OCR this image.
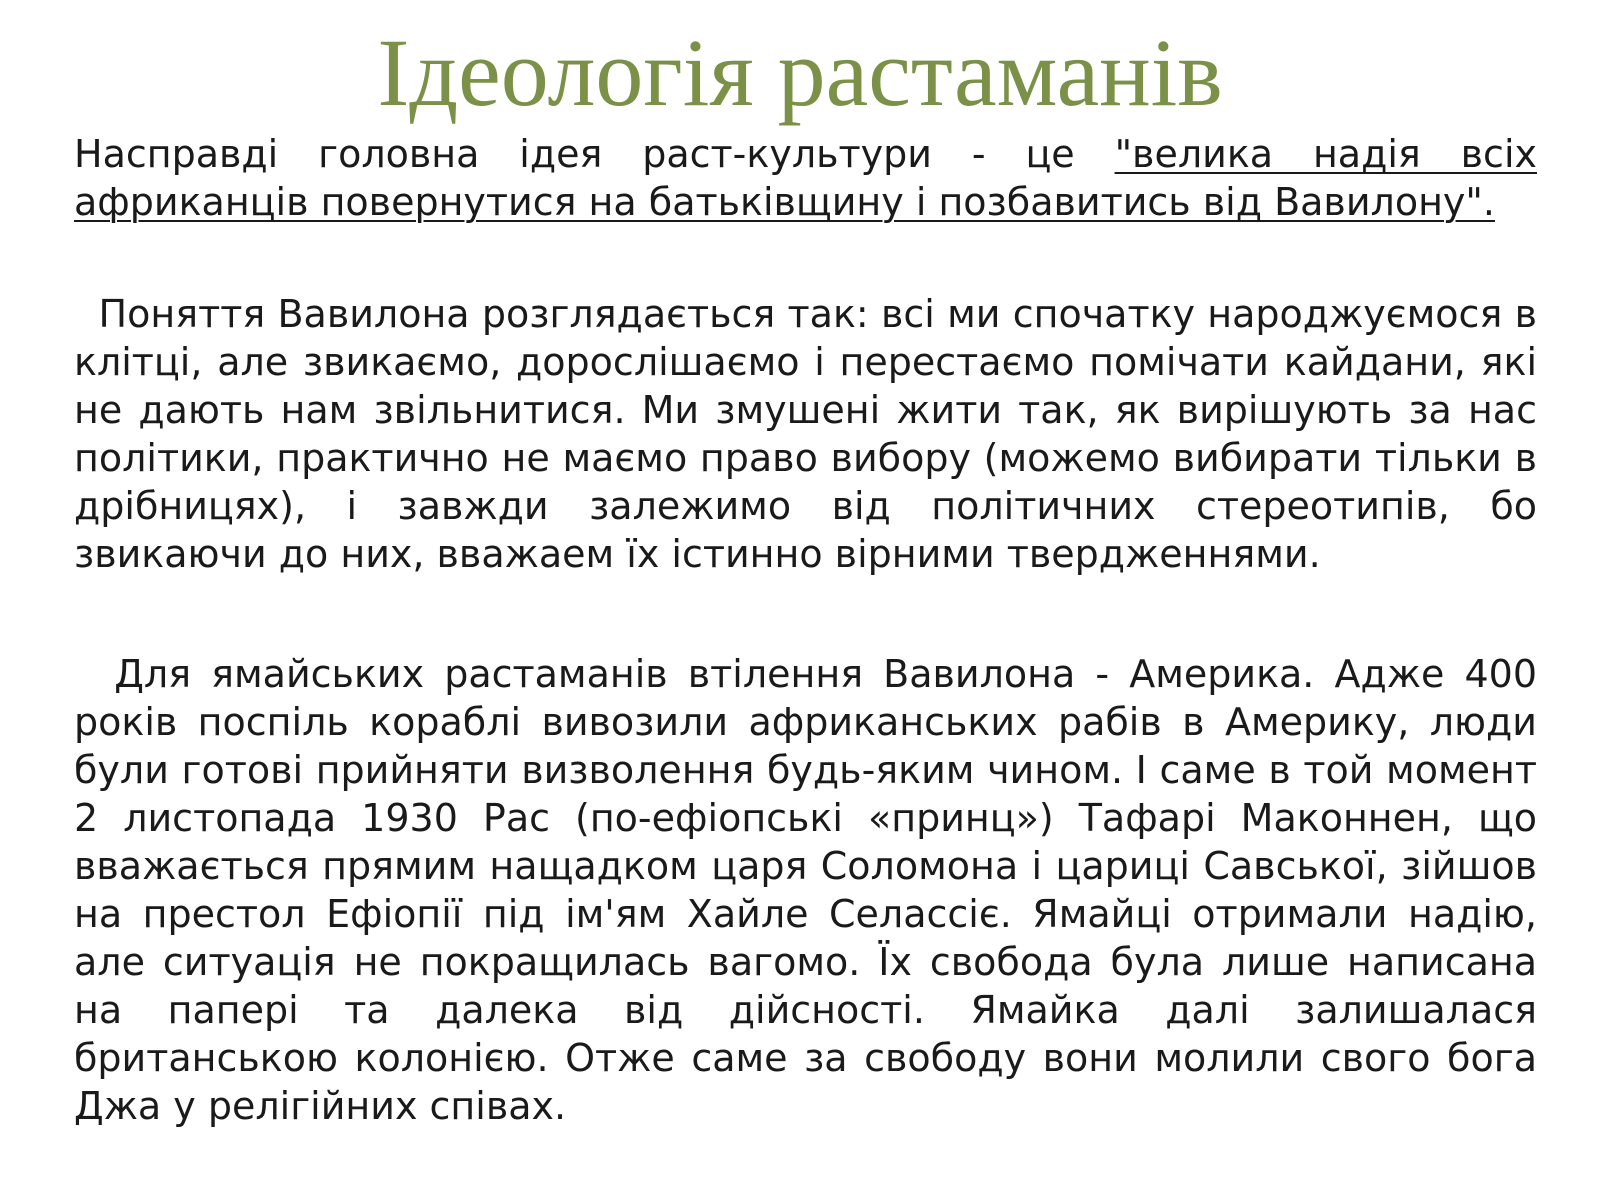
Ідеологія растаманів

Насправді головна ідея раст-культури - це "велика надія всіх африканців повернутися на батьківщину і позбавитись від Вавилону".

Поняття Вавилона розглядається так: всі ми спочатку народжуємося в клітці, але звикаємо, дорослішаємо і перестаємо помічати кайдани, які не дають нам звільнитися. Ми змушені жити так, як вирішують за нас політики, практично не маємо право вибору (можемо вибирати тільки в дрібницях), і завжди залежимо від політичних стереотипів, бо звикаючи до них, вважаем їх істинно вірними твердженнями.

Для ямайських растаманів втілення Вавилона - Америка. Адже 400 років поспіль кораблі вивозили африканських рабів в Америку, люди були готові прийняти визволення будь-яким чином. І саме в той момент 2 листопада 1930 Рас (по-ефіопські «принц») Тафарі Маконнен, що вважається прямим нащадком царя Соломона і цариці Савської, зійшов на престол Ефіопії під ім'ям Хайле Селассіє. Ямайці отримали надію, але ситуація не покращилась вагомо. Їх свобода була лише написана на папері та далека від дійсності. Ямайка далі залишалася британською колонією. Отже саме за свободу вони молили свого бога Джа у релігійних співах.
